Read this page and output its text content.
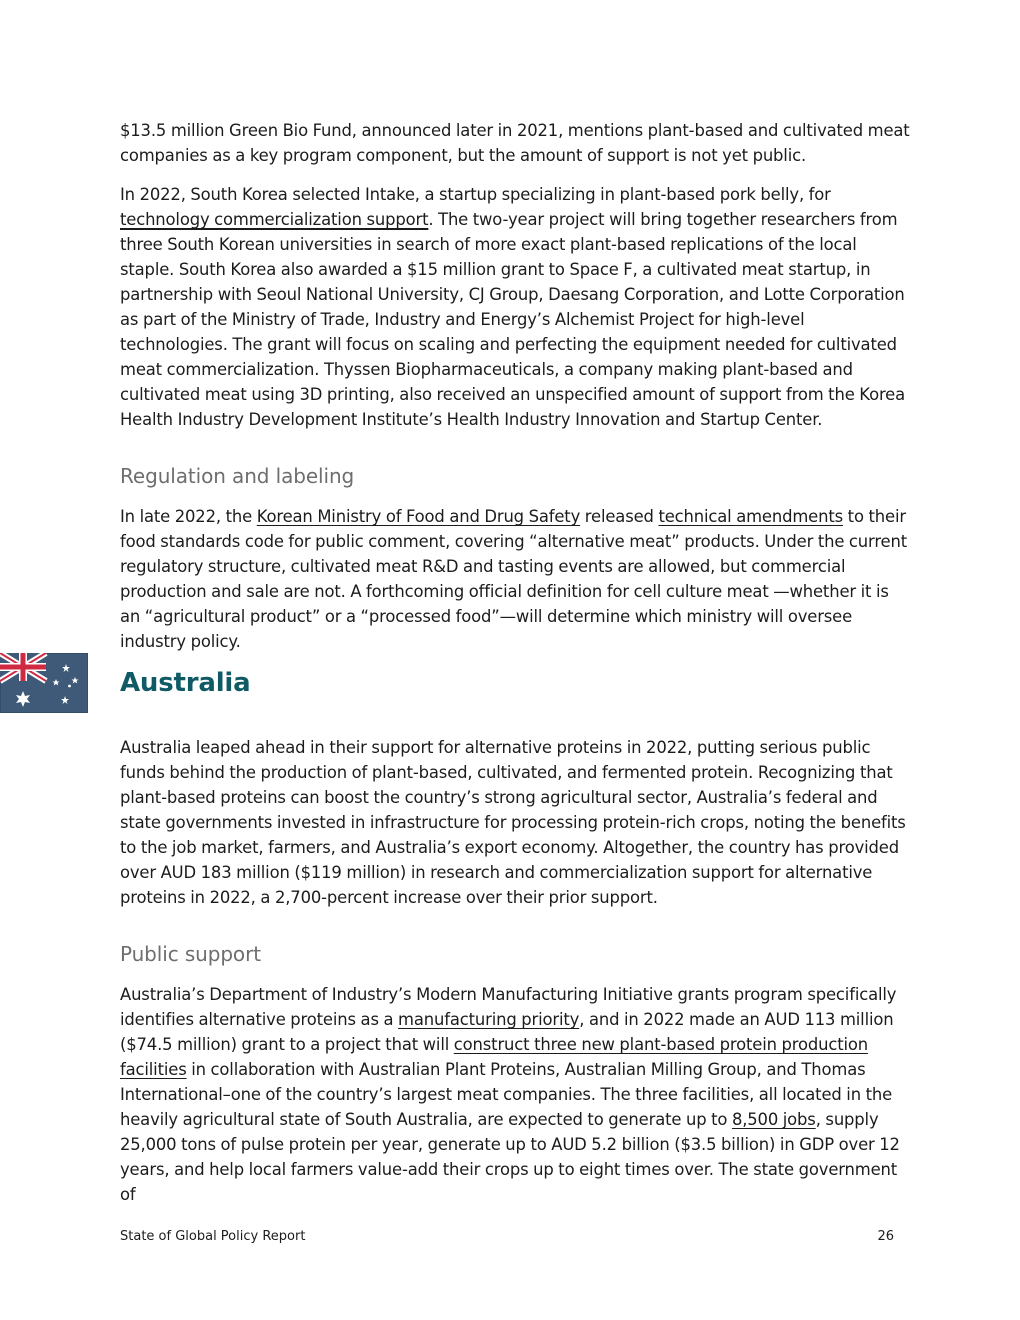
$13.5 million Green Bio Fund, announced later in 2021, mentions plant-based and cultivated meat companies as a key program component, but the amount of support is not yet public.

In 2022, South Korea selected Intake, a startup specializing in plant-based pork belly, for technology commercialization support. The two-year project will bring together researchers from three South Korean universities in search of more exact plant-based replications of the local staple. South Korea also awarded a $15 million grant to Space F, a cultivated meat startup, in partnership with Seoul National University, CJ Group, Daesang Corporation, and Lotte Corporation as part of the Ministry of Trade, Industry and Energy’s Alchemist Project for high-level technologies. The grant will focus on scaling and perfecting the equipment needed for cultivated meat commercialization. Thyssen Biopharmaceuticals, a company making plant-based and cultivated meat using 3D printing, also received an unspecified amount of support from the Korea Health Industry Development Institute’s Health Industry Innovation and Startup Center.

Regulation and labeling

In late 2022, the Korean Ministry of Food and Drug Safety released technical amendments to their food standards code for public comment, covering “alternative meat” products. Under the current regulatory structure, cultivated meat R&D and tasting events are allowed, but commercial production and sale are not. A forthcoming official definition for cell culture meat —whether it is an “agricultural product” or a “processed food”—will determine which ministry will oversee industry policy.

Australia

Australia leaped ahead in their support for alternative proteins in 2022, putting serious public funds behind the production of plant-based, cultivated, and fermented protein. Recognizing that plant-based proteins can boost the country’s strong agricultural sector, Australia’s federal and state governments invested in infrastructure for processing protein-rich crops, noting the benefits to the job market, farmers, and Australia’s export economy. Altogether, the country has provided over AUD 183 million ($119 million) in research and commercialization support for alternative proteins in 2022, a 2,700-percent increase over their prior support.

Public support

Australia’s Department of Industry’s Modern Manufacturing Initiative grants program specifically identifies alternative proteins as a manufacturing priority, and in 2022 made an AUD 113 million ($74.5 million) grant to a project that will construct three new plant-based protein production facilities in collaboration with Australian Plant Proteins, Australian Milling Group, and Thomas International–one of the country’s largest meat companies. The three facilities, all located in the heavily agricultural state of South Australia, are expected to generate up to 8,500 jobs, supply 25,000 tons of pulse protein per year, generate up to AUD 5.2 billion ($3.5 billion) in GDP over 12 years, and help local farmers value-add their crops up to eight times over. The state government of

State of Global Policy Report	26
